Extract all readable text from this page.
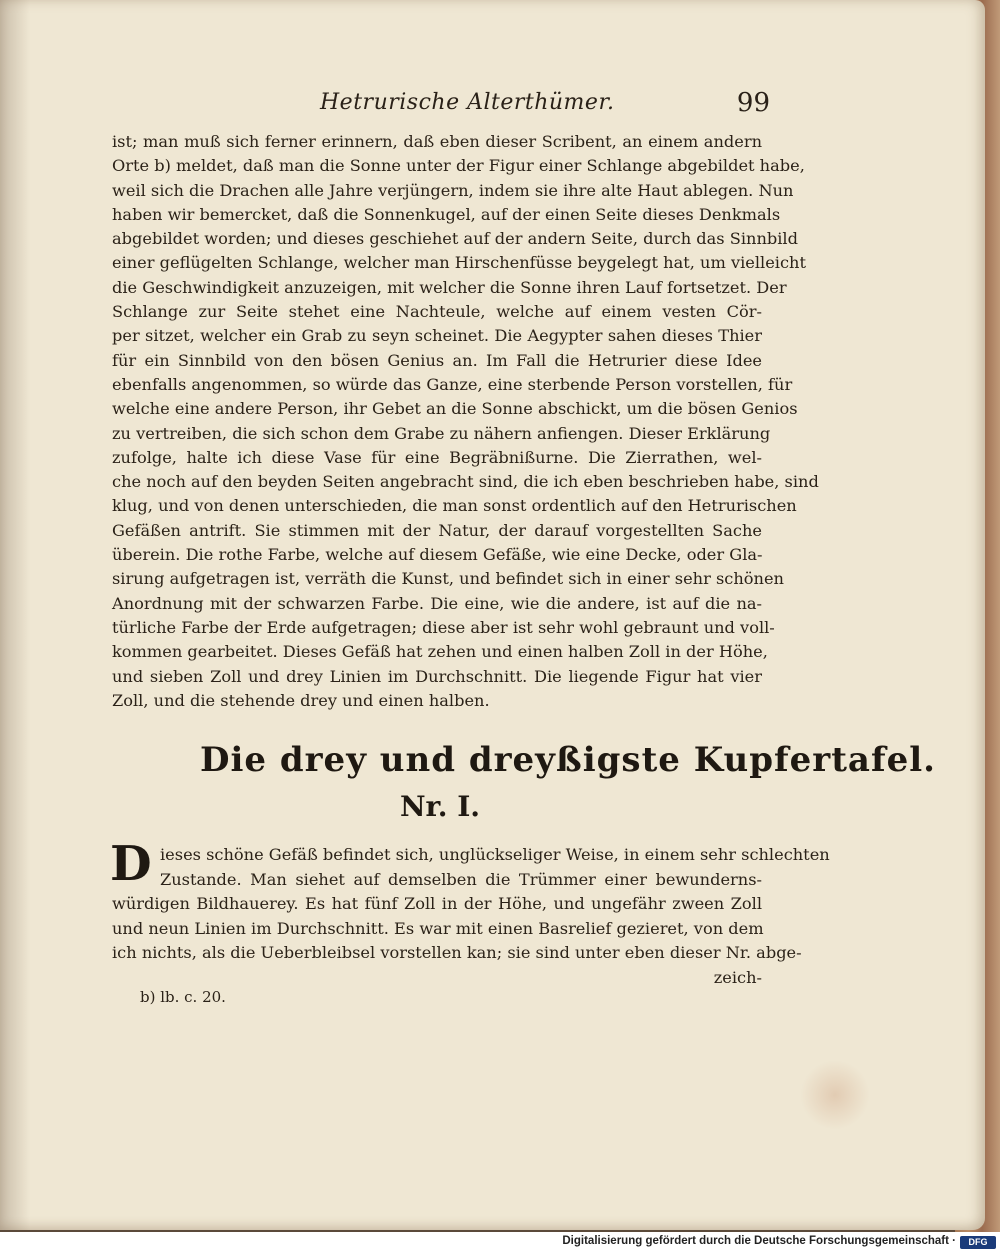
Hetrurische Alterthümer.	99
ist; man muß sich ferner erinnern, daß eben dieser Scribent, an einem andern
Orte b) meldet, daß man die Sonne unter der Figur einer Schlange abgebildet habe,
weil sich die Drachen alle Jahre verjüngern, indem sie ihre alte Haut ablegen. Nun
haben wir bemercket, daß die Sonnenkugel, auf der einen Seite dieses Denkmals
abgebildet worden; und dieses geschiehet auf der andern Seite, durch das Sinnbild
einer geflügelten Schlange, welcher man Hirschenfüsse beygelegt hat, um vielleicht
die Geschwindigkeit anzuzeigen, mit welcher die Sonne ihren Lauf fortsetzet. Der
Schlange zur Seite stehet eine Nachteule, welche auf einem vesten Cör-
per sitzet, welcher ein Grab zu seyn scheinet. Die Aegypter sahen dieses Thier
für ein Sinnbild von den bösen Genius an. Im Fall die Hetrurier diese Idee
ebenfalls angenommen, so würde das Ganze, eine sterbende Person vorstellen, für
welche eine andere Person, ihr Gebet an die Sonne abschickt, um die bösen Genios
zu vertreiben, die sich schon dem Grabe zu nähern anfiengen. Dieser Erklärung
zufolge, halte ich diese Vase für eine Begräbnißurne. Die Zierrathen, wel-
che noch auf den beyden Seiten angebracht sind, die ich eben beschrieben habe, sind
klug, und von denen unterschieden, die man sonst ordentlich auf den Hetrurischen
Gefäßen antrift. Sie stimmen mit der Natur, der darauf vorgestellten Sache
überein. Die rothe Farbe, welche auf diesem Gefäße, wie eine Decke, oder Gla-
sirung aufgetragen ist, verräth die Kunst, und befindet sich in einer sehr schönen
Anordnung mit der schwarzen Farbe. Die eine, wie die andere, ist auf die na-
türliche Farbe der Erde aufgetragen; diese aber ist sehr wohl gebraunt und voll-
kommen gearbeitet. Dieses Gefäß hat zehen und einen halben Zoll in der Höhe,
und sieben Zoll und drey Linien im Durchschnitt. Die liegende Figur hat vier
Zoll, und die stehende drey und einen halben.
Die drey und dreyßigste Kupfertafel.
Nr. I.
D ieses schöne Gefäß befindet sich, unglückseliger Weise, in einem sehr schlechten
Zustande. Man siehet auf demselben die Trümmer einer bewunderns-
würdigen Bildhauerey. Es hat fünf Zoll in der Höhe, und ungefähr zween Zoll
und neun Linien im Durchschnitt. Es war mit einen Basrelief gezieret, von dem
ich nichts, als die Ueberbleibsel vorstellen kan; sie sind unter eben dieser Nr. abge-
zeich-
b) lb. c. 20.
Digitalisierung gefördert durch die Deutsche Forschungsgemeinschaft ·	DFG
